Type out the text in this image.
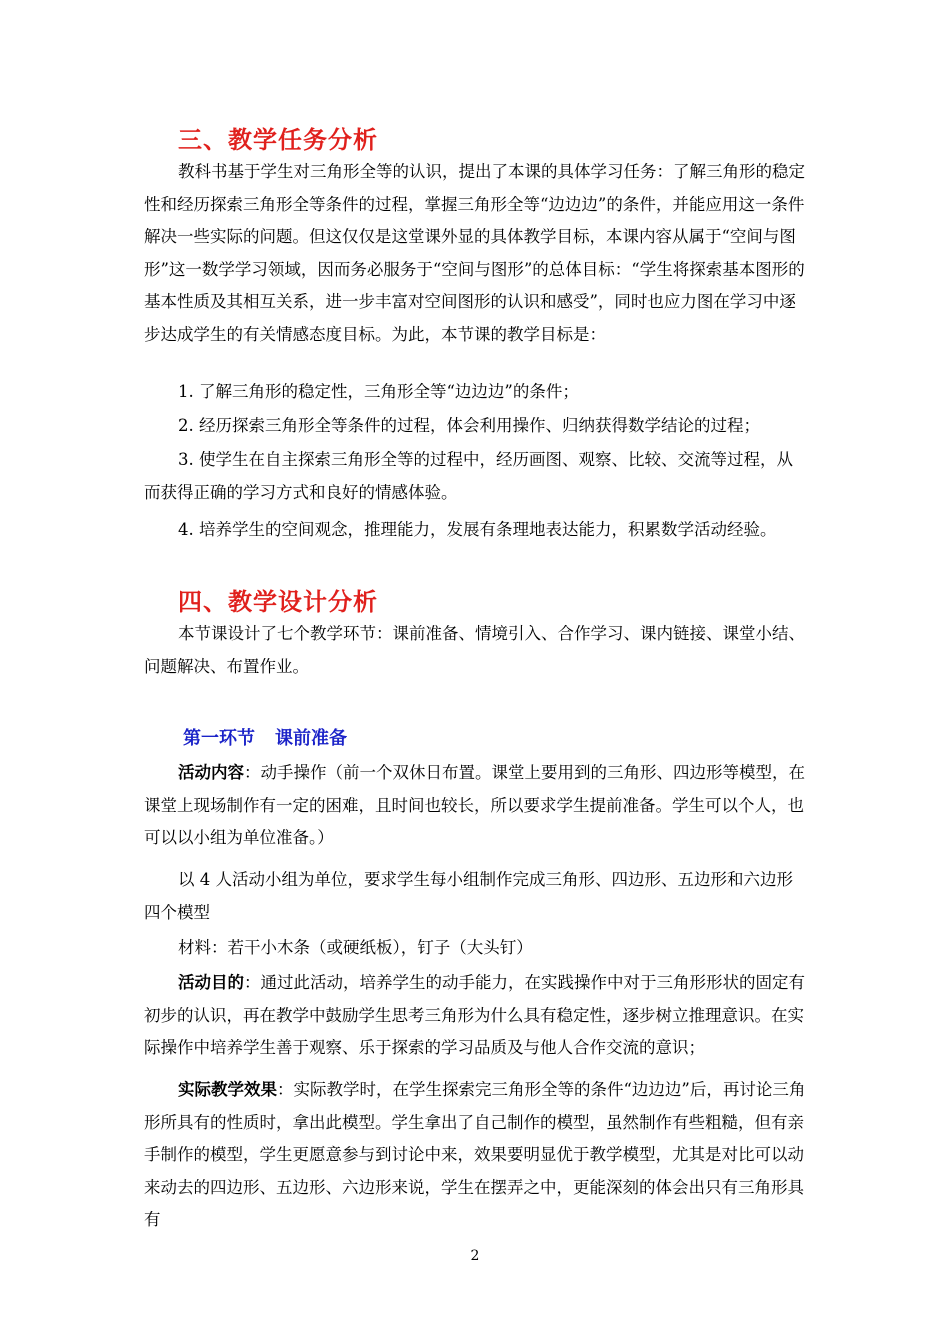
三、教学任务分析
教科书基于学生对三角形全等的认识，提出了本课的具体学习任务：了解三角形的稳定性和经历探索三角形全等条件的过程，掌握三角形全等“边边边”的条件，并能应用这一条件解决一些实际的问题。但这仅仅是这堂课外显的具体教学目标，本课内容从属于“空间与图形”这一数学学习领域，因而务必服务于“空间与图形”的总体目标：“学生将探索基本图形的基本性质及其相互关系，进一步丰富对空间图形的认识和感受”，同时也应力图在学习中逐步达成学生的有关情感态度目标。为此，本节课的教学目标是：
1. 了解三角形的稳定性，三角形全等“边边边”的条件；
2. 经历探索三角形全等条件的过程，体会利用操作、归纳获得数学结论的过程；
3. 使学生在自主探索三角形全等的过程中，经历画图、观察、比较、交流等过程，从而获得正确的学习方式和良好的情感体验。
4. 培养学生的空间观念，推理能力，发展有条理地表达能力，积累数学活动经验。
四、教学设计分析
本节课设计了七个教学环节：课前准备、情境引入、合作学习、课内链接、课堂小结、问题解决、布置作业。
第一环节 课前准备
活动内容：动手操作（前一个双休日布置。课堂上要用到的三角形、四边形等模型，在课堂上现场制作有一定的困难，且时间也较长，所以要求学生提前准备。学生可以个人，也可以以小组为单位准备。）
以 4 人活动小组为单位，要求学生每小组制作完成三角形、四边形、五边形和六边形四个模型
材料：若干小木条（或硬纸板），钉子（大头钉）
活动目的：通过此活动，培养学生的动手能力，在实践操作中对于三角形形状的固定有初步的认识，再在教学中鼓励学生思考三角形为什么具有稳定性，逐步树立推理意识。在实际操作中培养学生善于观察、乐于探索的学习品质及与他人合作交流的意识；
实际教学效果：实际教学时，在学生探索完三角形全等的条件“边边边”后，再讨论三角形所具有的性质时，拿出此模型。学生拿出了自己制作的模型，虽然制作有些粗糙，但有亲手制作的模型，学生更愿意参与到讨论中来，效果要明显优于教学模型，尤其是对比可以动来动去的四边形、五边形、六边形来说，学生在摆弄之中，更能深刻的体会出只有三角形具有
2
